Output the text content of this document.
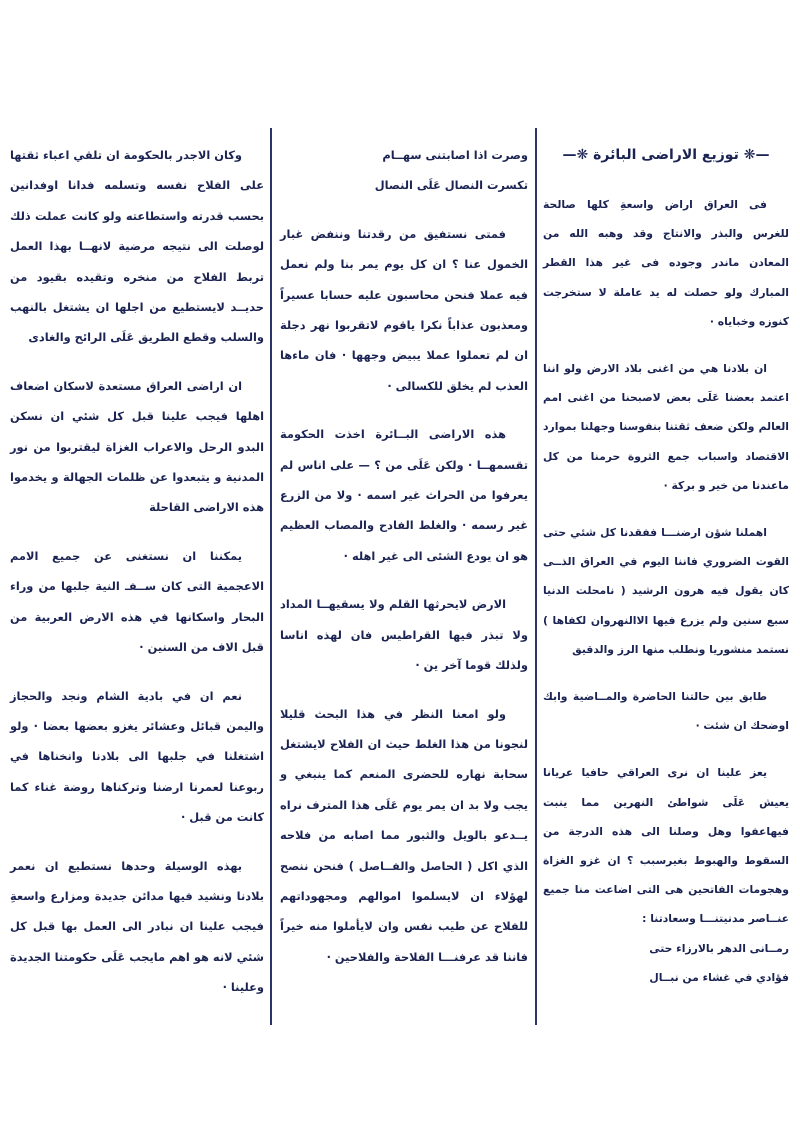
—❋ توزيع الاراضى البائرة ❋—

فى العراق اراض واسعةِ كلها صالحة للغرس والبذر والانتاج وقد وهبه الله من المعادن ماندر وجوده فى غير هذا القطر المبارك ولو حصلت له يد عاملة لا ستخرجت كنوزه وخباياه ·

ان بلادنا هي من اغنى بلاد الارض ولو اننا اعتمد بعضنا عَلَى بعض لاصبحنا من اغنى امم العالم ولكن ضعف ثقتنا بنفوسنا وجهلنا بموارد الاقتصاد واسباب جمع الثروة حرمنا من كل ماعندنا من خير و بركة ·

اهملنا شؤن ارضنـــا ففقدنا كل شئي حتى القوت الضروري فاننا اليوم في العراق الذــى كان يقول فيه هرون الرشيد ( نامحلت الدنيا سبع سنين ولم يزرع فيها الاالنهروان لكفاها ) نستمد منشوريا ونطلب منها الرز والدقيق

طابق بين حالتنا الحاضرة والمــاضية وابك اوضحك ان شئت ·

يعز علينا ان نرى العراقي حافيا عريانا يعيش عَلَى شواطئ النهرين مما ينبت فيهاعفوا وهل وصلنا الى هذه الدرجة من السقوط والهبوط بغيرسبب ؟ ان غزو الغزاة وهجومات الفاتحين هى التى اضاعت منا جميع عنــاصر مدنيتنـــا وسعادتنا :

رمــانى الدهر بالارزاء حتى

فؤادي في غشاء من نبــال

وصرت اذا اصابتنى سهــام

تكسرت النصال عَلَى النصال

فمتى نستفيق من رقدتنا وننفض غبار الخمول عنا ؟ ان كل يوم يمر بنا ولم نعمل فيه عملا فنحن محاسبون عليه حسابا عسيراً ومعذبون عذاباً نكرا ياقوم لاتقربوا نهر دجلة ان لم تعملوا عملا يبيض وجهها · فان ماءها العذب لم يخلق للكسالى ·

هذه الاراضى البــائرة اخذت الحكومة تقسمهــا · ولكن عَلَى من ؟ — على اناس لم يعرفوا من الحراث غير اسمه · ولا من الزرع غير رسمه · والغلط الفادح والمصاب العظيم هو ان يودع الشئى الى غير اهله ·

الارض لايحرثها القلم ولا يسقيهــا المداد ولا تبذر فيها القراطيس فان لهذه اناسا ولذلك قوما آخر ين ·

ولو امعنا النظر في هذا البحث قليلا لنجونا من هذا الغلط حيث ان الفلاح لايشتغل سحابة نهاره للحضرى المنعم كما ينبغي و يجب ولا بد ان يمر يوم عَلَى هذا المترف نراه يــدعو بالويل والثبور مما اصابه من فلاحه الذي اكل ( الحاصل والفــاصل ) فنحن ننصح لهؤلاء ان لايسلموا اموالهم ومجهوداتهم للفلاح عن طيب نفس وان لايأملوا منه خيراً فاننا قد عرفنـــا الفلاحة والفلاحين ·

وكان الاجدر بالحكومة ان تلقي اعباء ثقتها على الفلاح نفسه وتسلمه فدانا اوفدانين بحسب قدرته واستطاعته ولو كانت عملت ذلك لوصلت الى نتيجه مرضية لانهــا بهذا العمل تربط الفلاح من منخره وتقيده بقيود من حديــد لايستطيع من اجلها ان يشتغل بالنهب والسلب وقطع الطريق عَلَى الرائح والغادى

ان اراضى العراق مستعدة لاسكان اضعاف اهلها فيجب علينا قبل كل شئي ان نسكن البدو الرحل والاعراب الغزاة ليقتربوا من نور المدنية و يتبعدوا عن ظلمات الجهالة و يخدموا هذه الاراضى القاحلة

يمكننا ان نستغنى عن جميع الامم الاعجمية التى كان ســفـ النية جلبها من وراء البحار واسكانها في هذه الارض العربية من قبل الاف من السنين ·

نعم ان في بادية الشام ونجد والحجاز واليمن قبائل وعشائر يغزو بعضها بعضا · ولو اشتغلنا في جلبها الى بلادنا وانخناها في ربوعنا لعمرنا ارضنا وتركناها روضة غناء كما كانت من قبل ·

بهذه الوسيلة وحدها نستطيع ان نعمر بلادنا ونشيد فيها مدائن جديدة ومزارع واسعةِ فيجب علينا ان نبادر الى العمل بها قبل كل شئي لانه هو اهم مايجب عَلَى حكومتنا الجديدة وعلينا ·
